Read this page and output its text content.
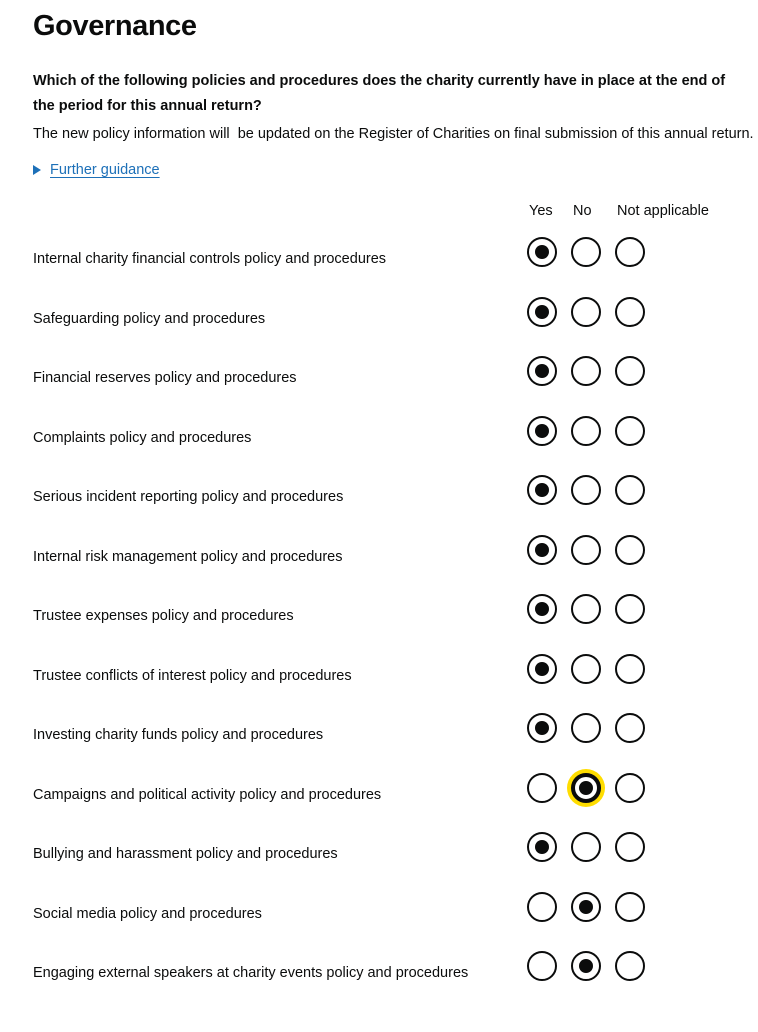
Governance

Which of the following policies and procedures does the charity currently have in place at the end of the period for this annual return?

The new policy information will  be updated on the Register of Charities on final submission of this annual return.

Further guidance
Yes	No	Not applicable
Internal charity financial controls policy and procedures
Safeguarding policy and procedures
Financial reserves policy and procedures
Complaints policy and procedures
Serious incident reporting policy and procedures
Internal risk management policy and procedures
Trustee expenses policy and procedures
Trustee conflicts of interest policy and procedures
Investing charity funds policy and procedures
Campaigns and political activity policy and procedures
Bullying and harassment policy and procedures
Social media policy and procedures
Engaging external speakers at charity events policy and procedures
